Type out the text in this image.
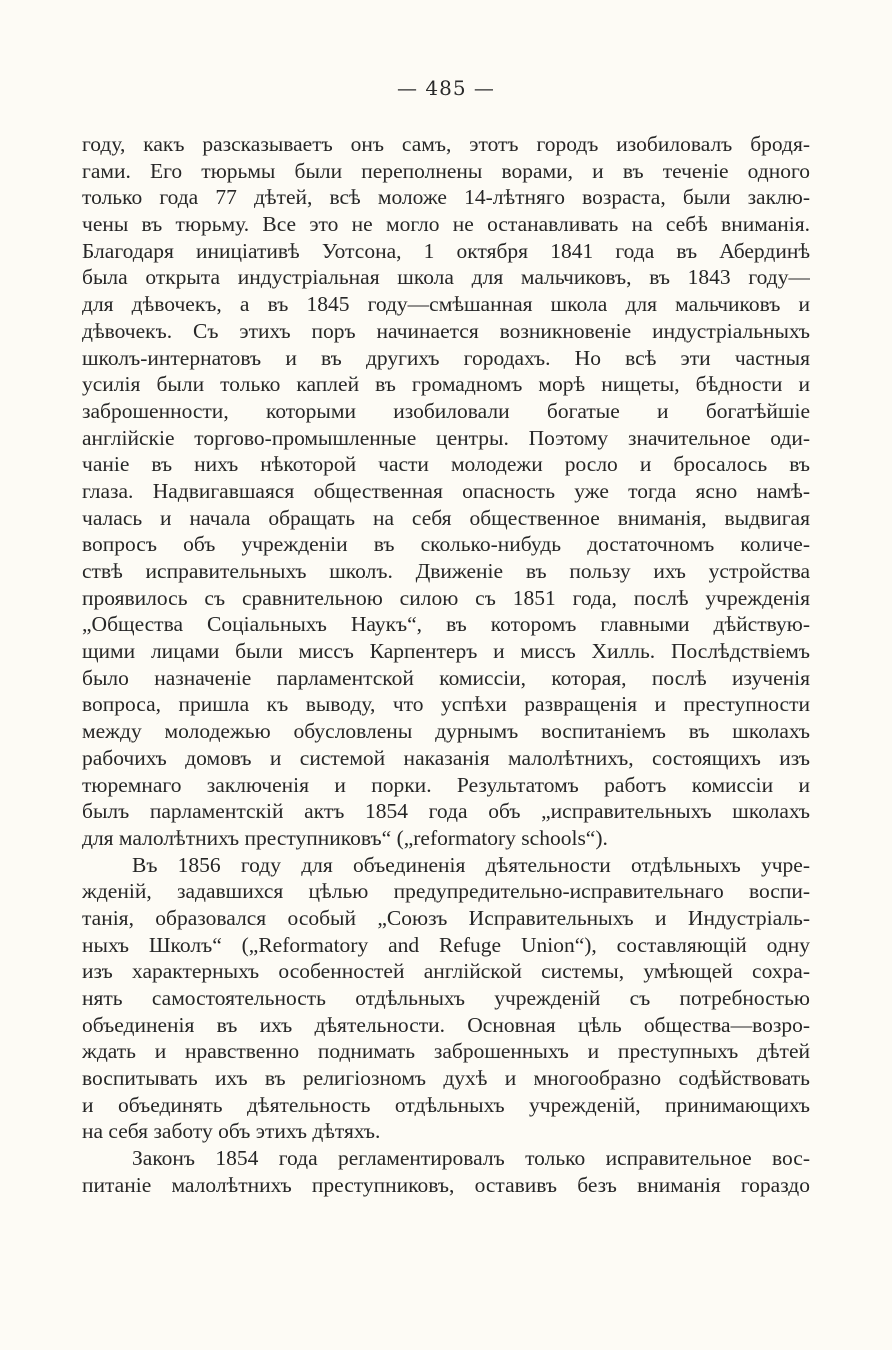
— 485 —
году, какъ разсказываетъ онъ самъ, этотъ городъ изобиловалъ бродя-
гами. Его тюрьмы были переполнены ворами, и въ теченіе одного
только года 77 дѣтей, всѣ моложе 14-лѣтняго возраста, были заклю-
чены въ тюрьму. Все это не могло не останавливать на себѣ вниманія.
Благодаря иниціативѣ Уотсона, 1 октября 1841 года въ Абердинѣ
была открыта индустріальная школа для мальчиковъ, въ 1843 году—
для дѣвочекъ, а въ 1845 году—смѣшанная школа для мальчиковъ и
дѣвочекъ. Съ этихъ поръ начинается возникновеніе индустріальныхъ
школъ-интернатовъ и въ другихъ городахъ. Но всѣ эти частныя
усилія были только каплей въ громадномъ морѣ нищеты, бѣдности и
заброшенности, которыми изобиловали богатые и богатѣйшіе
англійскіе торгово-промышленные центры. Поэтому значительное оди-
чаніе въ нихъ нѣкоторой части молодежи росло и бросалось въ
глаза. Надвигавшаяся общественная опасность уже тогда ясно намѣ-
чалась и начала обращать на себя общественное вниманія, выдвигая
вопросъ объ учрежденіи въ сколько-нибудь достаточномъ количе-
ствѣ исправительныхъ школъ. Движеніе въ пользу ихъ устройства
проявилось съ сравнительною силою съ 1851 года, послѣ учрежденія
„Общества Соціальныхъ Наукъ“, въ которомъ главными дѣйствую-
щими лицами были миссъ Карпентеръ и миссъ Хилль. Послѣдствіемъ
было назначеніе парламентской комиссіи, которая, послѣ изученія
вопроса, пришла къ выводу, что успѣхи развращенія и преступности
между молодежью обусловлены дурнымъ воспитаніемъ въ школахъ
рабочихъ домовъ и системой наказанія малолѣтнихъ, состоящихъ изъ
тюремнаго заключенія и порки. Результатомъ работъ комиссіи и
былъ парламентскій актъ 1854 года объ „исправительныхъ школахъ
для малолѣтнихъ преступниковъ“ („reformatory schools“).
Въ 1856 году для объединенія дѣятельности отдѣльныхъ учре-
жденій, задавшихся цѣлью предупредительно-исправительнаго воспи-
танія, образовался особый „Союзъ Исправительныхъ и Индустріаль-
ныхъ Школъ“ („Reformatory and Refuge Union“), составляющій одну
изъ характерныхъ особенностей англійской системы, умѣющей сохра-
нять самостоятельность отдѣльныхъ учрежденій съ потребностью
объединенія въ ихъ дѣятельности. Основная цѣль общества—возро-
ждать и нравственно поднимать заброшенныхъ и преступныхъ дѣтей
воспитывать ихъ въ религіозномъ духѣ и многообразно содѣйствовать
и объединять дѣятельность отдѣльныхъ учрежденій, принимающихъ
на себя заботу объ этихъ дѣтяхъ.
Законъ 1854 года регламентировалъ только исправительное вос-
питаніе малолѣтнихъ преступниковъ, оставивъ безъ вниманія гораздо
